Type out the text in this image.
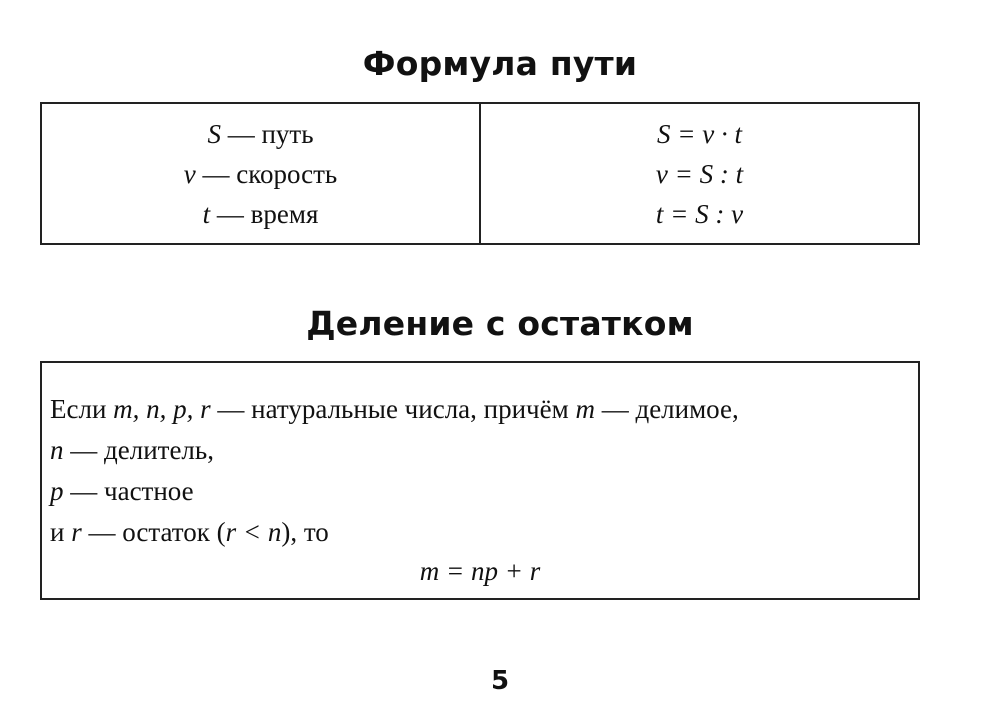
Формула пути
S — путь
v — скорость
t — время
S = v · t
v = S : t
t = S : v
Деление с остатком
Если m, n, p, r — натуральные числа, причём m — делимое,
n — делитель,
p — частное
и r — остаток (r < n), то
m = np + r
5
